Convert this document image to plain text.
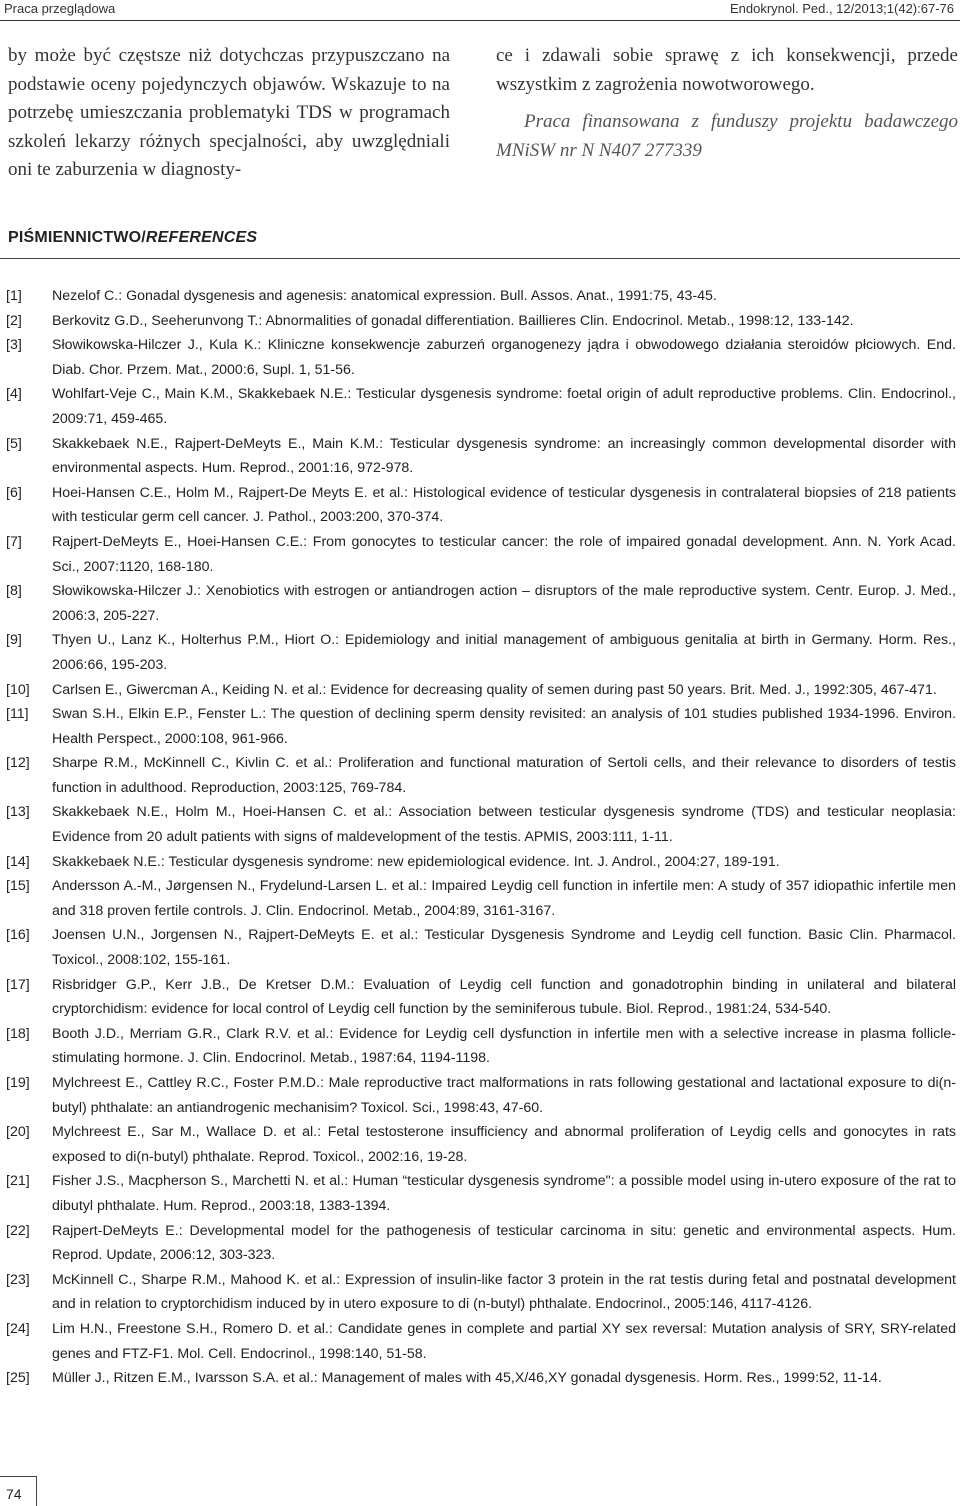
Praca przeglądowa	Endokrynol. Ped., 12/2013;1(42):67-76

by może być częstsze niż dotychczas przypuszczano na podstawie oceny pojedynczych objawów. Wskazuje to na potrzebę umieszczania problematyki TDS w programach szkoleń lekarzy różnych specjalności, aby uwzględniali oni te zaburzenia w diagnosty-

ce i zdawali sobie sprawę z ich konsekwencji, przede wszystkim z zagrożenia nowotworowego.

Praca finansowana z funduszy projektu badawczego MNiSW nr N N407 277339

PIŚMIENNICTWO/REFERENCES
[1] Nezelof C.: Gonadal dysgenesis and agenesis: anatomical expression. Bull. Assos. Anat., 1991:75, 43-45.
[2] Berkovitz G.D., Seeherunvong T.: Abnormalities of gonadal differentiation. Baillieres Clin. Endocrinol. Metab., 1998:12, 133-142.
[3] Słowikowska-Hilczer J., Kula K.: Kliniczne konsekwencje zaburzeń organogenezy jądra i obwodowego działania steroidów płciowych. End. Diab. Chor. Przem. Mat., 2000:6, Supl. 1, 51-56.
[4] Wohlfart-Veje C., Main K.M., Skakkebaek N.E.: Testicular dysgenesis syndrome: foetal origin of adult reproductive problems. Clin. Endocrinol., 2009:71, 459-465.
[5] Skakkebaek N.E., Rajpert-DeMeyts E., Main K.M.: Testicular dysgenesis syndrome: an increasingly common developmental disorder with environmental aspects. Hum. Reprod., 2001:16, 972-978.
[6] Hoei-Hansen C.E., Holm M., Rajpert-De Meyts E. et al.: Histological evidence of testicular dysgenesis in contralateral biopsies of 218 patients with testicular germ cell cancer. J. Pathol., 2003:200, 370-374.
[7] Rajpert-DeMeyts E., Hoei-Hansen C.E.: From gonocytes to testicular cancer: the role of impaired gonadal development. Ann. N. York Acad. Sci., 2007:1120, 168-180.
[8] Słowikowska-Hilczer J.: Xenobiotics with estrogen or antiandrogen action – disruptors of the male reproductive system. Centr. Europ. J. Med., 2006:3, 205-227.
[9] Thyen U., Lanz K., Holterhus P.M., Hiort O.: Epidemiology and initial management of ambiguous genitalia at birth in Germany. Horm. Res., 2006:66, 195-203.
[10] Carlsen E., Giwercman A., Keiding N. et al.: Evidence for decreasing quality of semen during past 50 years. Brit. Med. J., 1992:305, 467-471.
[11] Swan S.H., Elkin E.P., Fenster L.: The question of declining sperm density revisited: an analysis of 101 studies published 1934-1996. Environ. Health Perspect., 2000:108, 961-966.
[12] Sharpe R.M., McKinnell C., Kivlin C. et al.: Proliferation and functional maturation of Sertoli cells, and their relevance to disorders of testis function in adulthood. Reproduction, 2003:125, 769-784.
[13] Skakkebaek N.E., Holm M., Hoei-Hansen C. et al.: Association between testicular dysgenesis syndrome (TDS) and testicular neoplasia: Evidence from 20 adult patients with signs of maldevelopment of the testis. APMIS, 2003:111, 1-11.
[14] Skakkebaek N.E.: Testicular dysgenesis syndrome: new epidemiological evidence. Int. J. Androl., 2004:27, 189-191.
[15] Andersson A.-M., Jørgensen N., Frydelund-Larsen L. et al.: Impaired Leydig cell function in infertile men: A study of 357 idiopathic infertile men and 318 proven fertile controls. J. Clin. Endocrinol. Metab., 2004:89, 3161-3167.
[16] Joensen U.N., Jorgensen N., Rajpert-DeMeyts E. et al.: Testicular Dysgenesis Syndrome and Leydig cell function. Basic Clin. Pharmacol. Toxicol., 2008:102, 155-161.
[17] Risbridger G.P., Kerr J.B., De Kretser D.M.: Evaluation of Leydig cell function and gonadotrophin binding in unilateral and bilateral cryptorchidism: evidence for local control of Leydig cell function by the seminiferous tubule. Biol. Reprod., 1981:24, 534-540.
[18] Booth J.D., Merriam G.R., Clark R.V. et al.: Evidence for Leydig cell dysfunction in infertile men with a selective increase in plasma follicle-stimulating hormone. J. Clin. Endocrinol. Metab., 1987:64, 1194-1198.
[19] Mylchreest E., Cattley R.C., Foster P.M.D.: Male reproductive tract malformations in rats following gestational and lactational exposure to di(n-butyl) phthalate: an antiandrogenic mechanisim? Toxicol. Sci., 1998:43, 47-60.
[20] Mylchreest E., Sar M., Wallace D. et al.: Fetal testosterone insufficiency and abnormal proliferation of Leydig cells and gonocytes in rats exposed to di(n-butyl) phthalate. Reprod. Toxicol., 2002:16, 19-28.
[21] Fisher J.S., Macpherson S., Marchetti N. et al.: Human “testicular dysgenesis syndrome": a possible model using in-utero exposure of the rat to dibutyl phthalate. Hum. Reprod., 2003:18, 1383-1394.
[22] Rajpert-DeMeyts E.: Developmental model for the pathogenesis of testicular carcinoma in situ: genetic and environmental aspects. Hum. Reprod. Update, 2006:12, 303-323.
[23] McKinnell C., Sharpe R.M., Mahood K. et al.: Expression of insulin-like factor 3 protein in the rat testis during fetal and postnatal development and in relation to cryptorchidism induced by in utero exposure to di (n-butyl) phthalate. Endocrinol., 2005:146, 4117-4126.
[24] Lim H.N., Freestone S.H., Romero D. et al.: Candidate genes in complete and partial XY sex reversal: Mutation analysis of SRY, SRY-related genes and FTZ-F1. Mol. Cell. Endocrinol., 1998:140, 51-58.
[25] Müller J., Ritzen E.M., Ivarsson S.A. et al.: Management of males with 45,X/46,XY gonadal dysgenesis. Horm. Res., 1999:52, 11-14.
74
